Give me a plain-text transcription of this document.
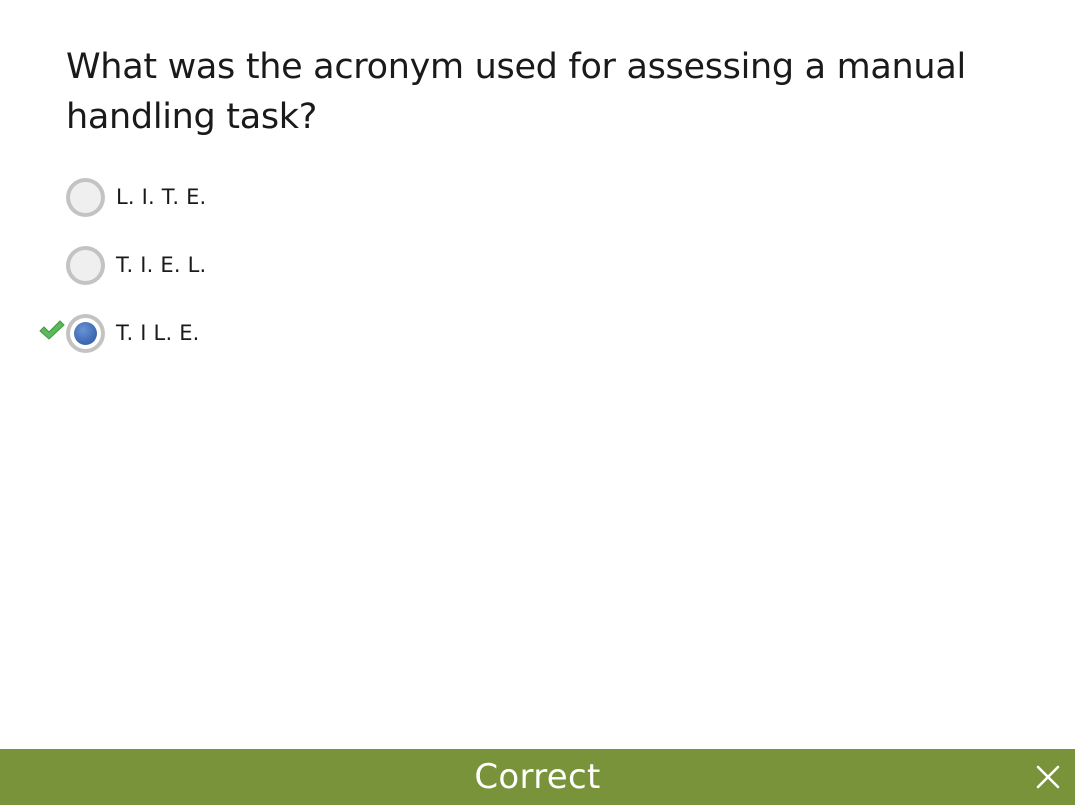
What was the acronym used for assessing a manual handling task?
L. I. T. E.
T. I. E. L.
T. I L. E.
Correct
